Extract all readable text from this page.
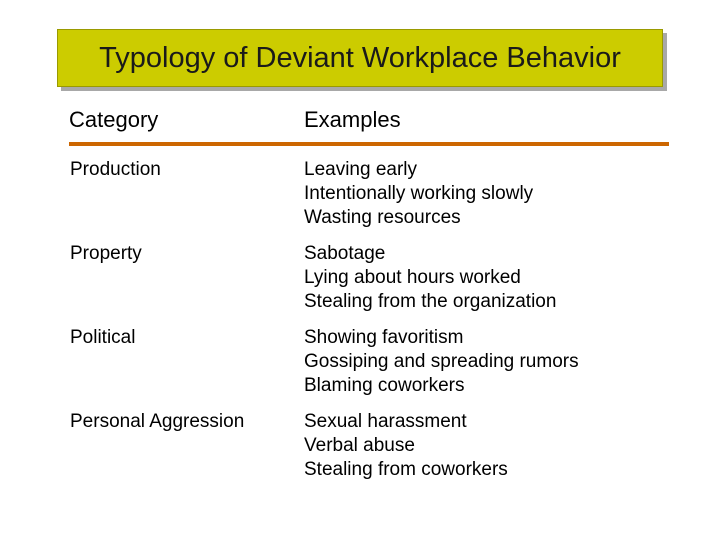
Typology of Deviant Workplace Behavior
Category	Examples
Production	Leaving early
Intentionally working slowly
Wasting resources
Property	Sabotage
Lying about hours worked
Stealing from the organization
Political	Showing favoritism
Gossiping and spreading rumors
Blaming coworkers
Personal Aggression	Sexual harassment
Verbal abuse
Stealing from coworkers
